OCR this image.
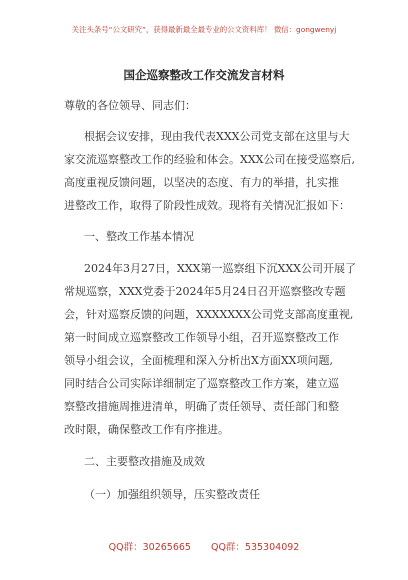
关注头条号“公文研究”，获得最新最全最专业的公文资料库！ 微信：gongwenyj
国企巡察整改工作交流发言材料
尊敬的各位领导、同志们：
根据会议安排，现由我代表XXX公司党支部在这里与大
家交流巡察整改工作的经验和体会。XXX公司在接受巡察后,
高度重视反馈问题，以坚决的态度、有力的举措，扎实推
进整改工作，取得了阶段性成效。现将有关情况汇报如下：
一、整改工作基本情况
2024年3月27日，XXX第一巡察组下沉XXX公司开展了
常规巡察，XXX党委于2024年5月24日召开巡察整改专题
会，针对巡察反馈的问题，XXXXXXX公司党支部高度重视,
第一时间成立巡察整改工作领导小组，召开巡察整改工作
领导小组会议，全面梳理和深入分析出X方面XX项问题,
同时结合公司实际详细制定了巡察整改工作方案，建立巡
察整改措施周推进清单，明确了责任领导、责任部门和整
改时限，确保整改工作有序推进。
二、主要整改措施及成效
（一）加强组织领导，压实整改责任
QQ群：30265665 QQ群：535304092
